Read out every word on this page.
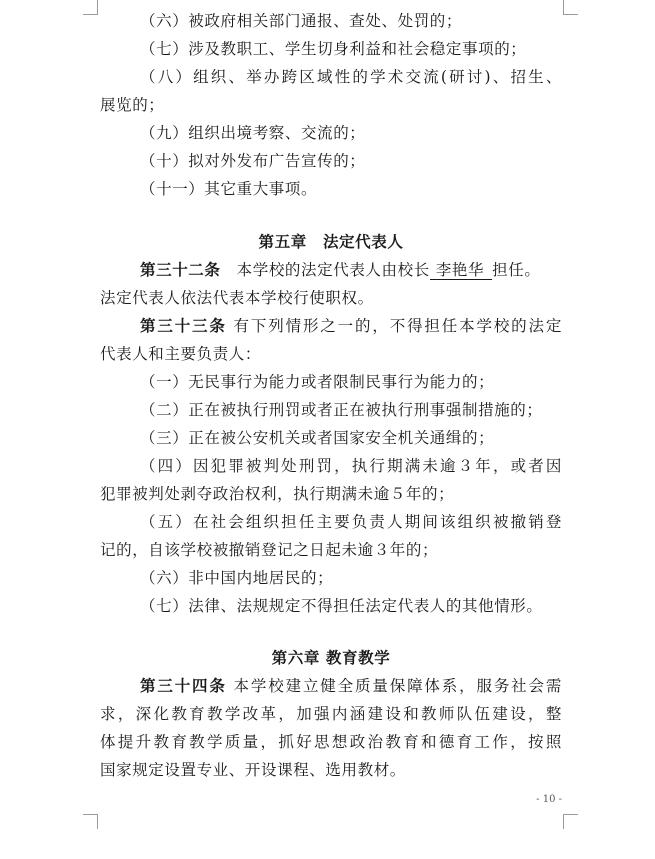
（六）被政府相关部门通报、查处、处罚的；
（七）涉及教职工、学生切身利益和社会稳定事项的；
（八）组织、举办跨区域性的学术交流(研讨)、招生、
展览的；
（九）组织出境考察、交流的；
（十）拟对外发布广告宣传的；
（十一）其它重大事项。
第五章　法定代表人
第三十二条　 本学校的法定代表人由校长 李艳华 担任。
法定代表人依法代表本学校行使职权。
第三十三条 有下列情形之一的，不得担任本学校的法定
代表人和主要负责人：
（一）无民事行为能力或者限制民事行为能力的；
（二）正在被执行刑罚或者正在被执行刑事强制措施的；
（三）正在被公安机关或者国家安全机关通缉的；
（四）因犯罪被判处刑罚，执行期满未逾３年，或者因
犯罪被判处剥夺政治权利，执行期满未逾５年的；
（五）在社会组织担任主要负责人期间该组织被撤销登
记的，自该学校被撤销登记之日起未逾３年的；
（六）非中国内地居民的；
（七）法律、法规规定不得担任法定代表人的其他情形。
第六章 教育教学
第三十四条 本学校建立健全质量保障体系，服务社会需
求，深化教育教学改革，加强内涵建设和教师队伍建设，整
体提升教育教学质量，抓好思想政治教育和德育工作，按照
国家规定设置专业、开设课程、选用教材。
- 10 -
